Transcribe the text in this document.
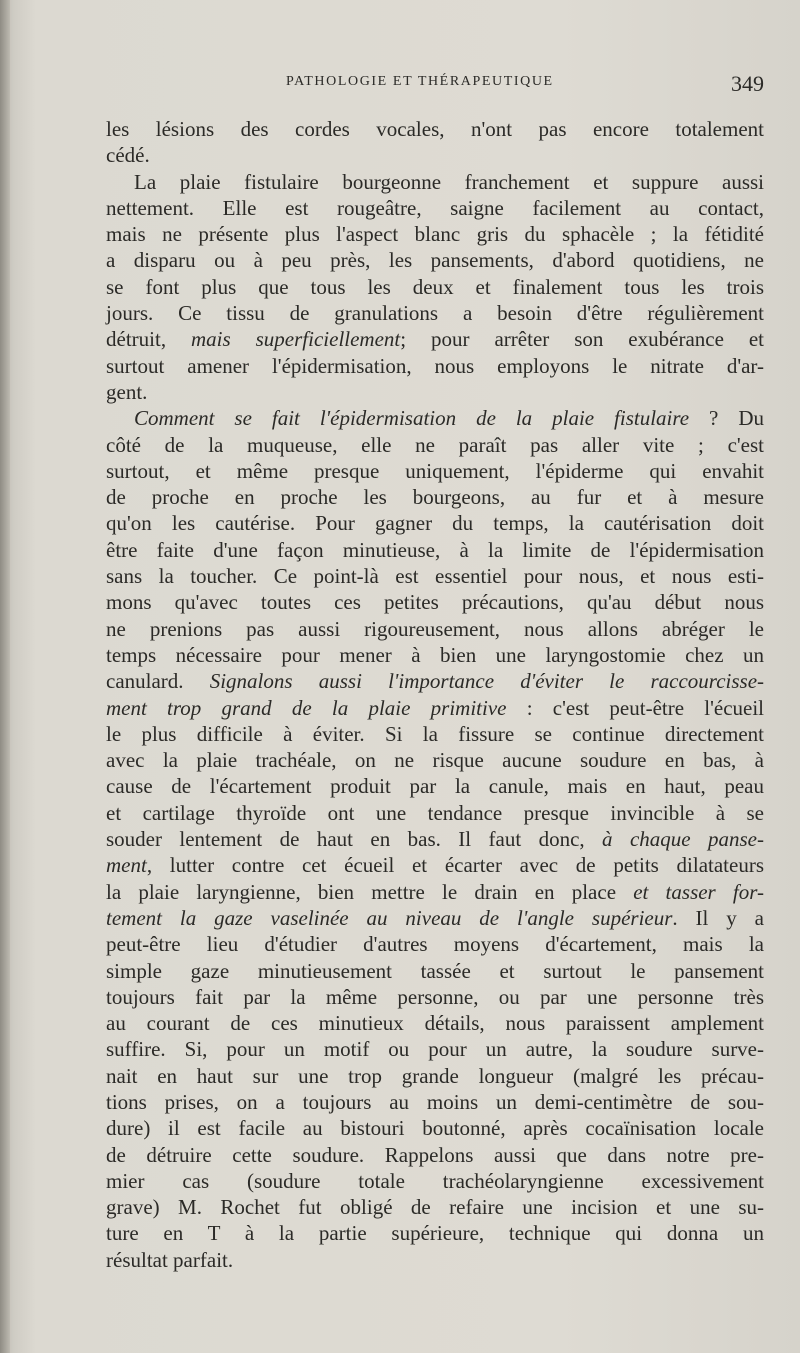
PATHOLOGIE ET THÉRAPEUTIQUE	349
les lésions des cordes vocales, n'ont pas encore totalement
cédé.
La plaie fistulaire bourgeonne franchement et suppure aussi
nettement. Elle est rougeâtre, saigne facilement au contact,
mais ne présente plus l'aspect blanc gris du sphacèle ; la fétidité
a disparu ou à peu près, les pansements, d'abord quotidiens, ne
se font plus que tous les deux et finalement tous les trois
jours. Ce tissu de granulations a besoin d'être régulièrement
détruit, mais superficiellement; pour arrêter son exubérance et
surtout amener l'épidermisation, nous employons le nitrate d'ar-
gent.
Comment se fait l'épidermisation de la plaie fistulaire ? Du
côté de la muqueuse, elle ne paraît pas aller vite ; c'est
surtout, et même presque uniquement, l'épiderme qui envahit
de proche en proche les bourgeons, au fur et à mesure
qu'on les cautérise. Pour gagner du temps, la cautérisation doit
être faite d'une façon minutieuse, à la limite de l'épidermisation
sans la toucher. Ce point-là est essentiel pour nous, et nous esti-
mons qu'avec toutes ces petites précautions, qu'au début nous
ne prenions pas aussi rigoureusement, nous allons abréger le
temps nécessaire pour mener à bien une laryngostomie chez un
canulard. Signalons aussi l'importance d'éviter le raccourcisse-
ment trop grand de la plaie primitive : c'est peut-être l'écueil
le plus difficile à éviter. Si la fissure se continue directement
avec la plaie trachéale, on ne risque aucune soudure en bas, à
cause de l'écartement produit par la canule, mais en haut, peau
et cartilage thyroïde ont une tendance presque invincible à se
souder lentement de haut en bas. Il faut donc, à chaque panse-
ment, lutter contre cet écueil et écarter avec de petits dilatateurs
la plaie laryngienne, bien mettre le drain en place et tasser for-
tement la gaze vaselinée au niveau de l'angle supérieur. Il y a
peut-être lieu d'étudier d'autres moyens d'écartement, mais la
simple gaze minutieusement tassée et surtout le pansement
toujours fait par la même personne, ou par une personne très
au courant de ces minutieux détails, nous paraissent amplement
suffire. Si, pour un motif ou pour un autre, la soudure surve-
nait en haut sur une trop grande longueur (malgré les précau-
tions prises, on a toujours au moins un demi-centimètre de sou-
dure) il est facile au bistouri boutonné, après cocaïnisation locale
de détruire cette soudure. Rappelons aussi que dans notre pre-
mier cas (soudure totale trachéolaryngienne excessivement
grave) M. Rochet fut obligé de refaire une incision et une su-
ture en T à la partie supérieure, technique qui donna un
résultat parfait.
